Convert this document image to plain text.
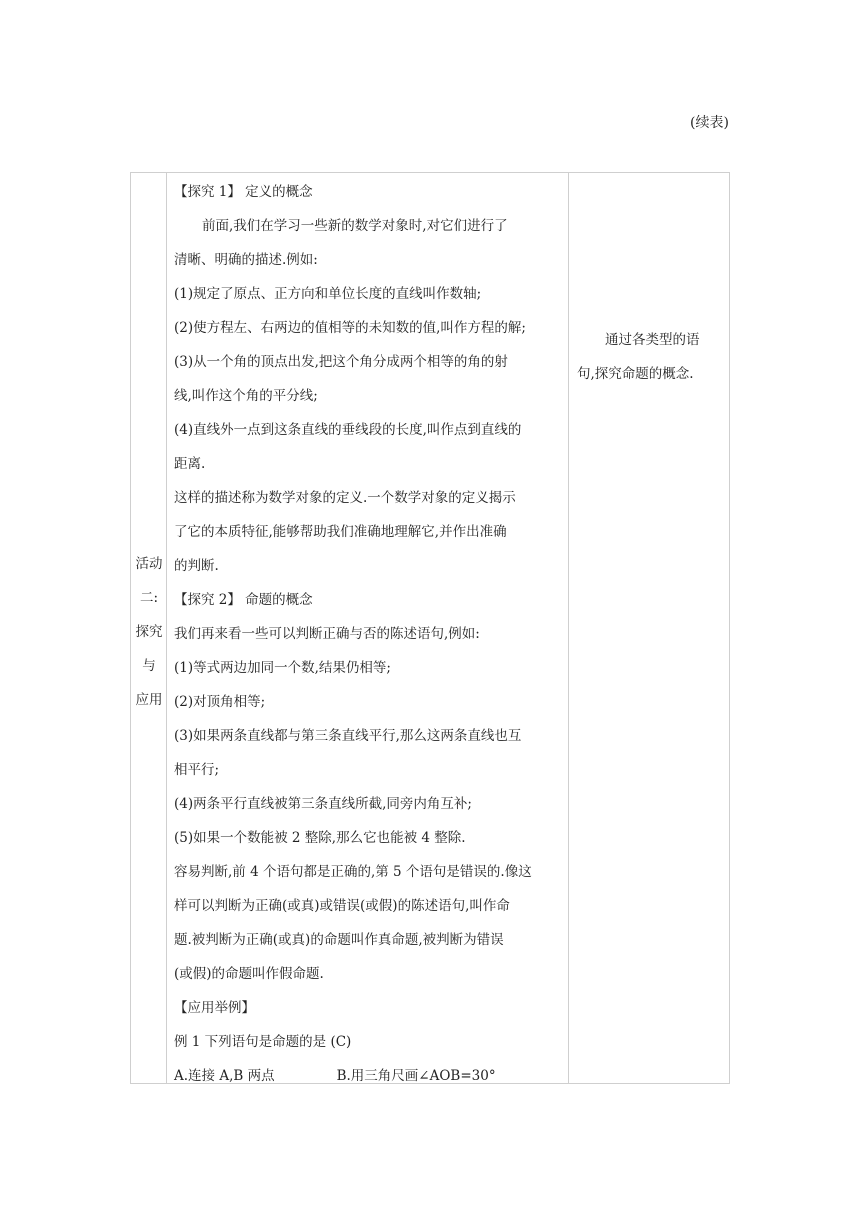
(续表)
活动
二:
探究
与
应用
【探究 1】 定义的概念
前面,我们在学习一些新的数学对象时,对它们进行了
清晰、明确的描述.例如:
(1)规定了原点、正方向和单位长度的直线叫作数轴;
(2)使方程左、右两边的值相等的未知数的值,叫作方程的解;
(3)从一个角的顶点出发,把这个角分成两个相等的角的射
线,叫作这个角的平分线;
(4)直线外一点到这条直线的垂线段的长度,叫作点到直线的
距离.
这样的描述称为数学对象的定义.一个数学对象的定义揭示
了它的本质特征,能够帮助我们准确地理解它,并作出准确
的判断.
【探究 2】 命题的概念
我们再来看一些可以判断正确与否的陈述语句,例如:
(1)等式两边加同一个数,结果仍相等;
(2)对顶角相等;
(3)如果两条直线都与第三条直线平行,那么这两条直线也互
相平行;
(4)两条平行直线被第三条直线所截,同旁内角互补;
(5)如果一个数能被 2 整除,那么它也能被 4 整除.
容易判断,前 4 个语句都是正确的,第 5 个语句是错误的.像这
样可以判断为正确(或真)或错误(或假)的陈述语句,叫作命
题.被判断为正确(或真)的命题叫作真命题,被判断为错误
(或假)的命题叫作假命题.
【应用举例】
例 1 下列语句是命题的是 (C)
A.连接 A,B 两点	B.用三角尺画∠AOB=30°
通过各类型的语
句,探究命题的概念.
